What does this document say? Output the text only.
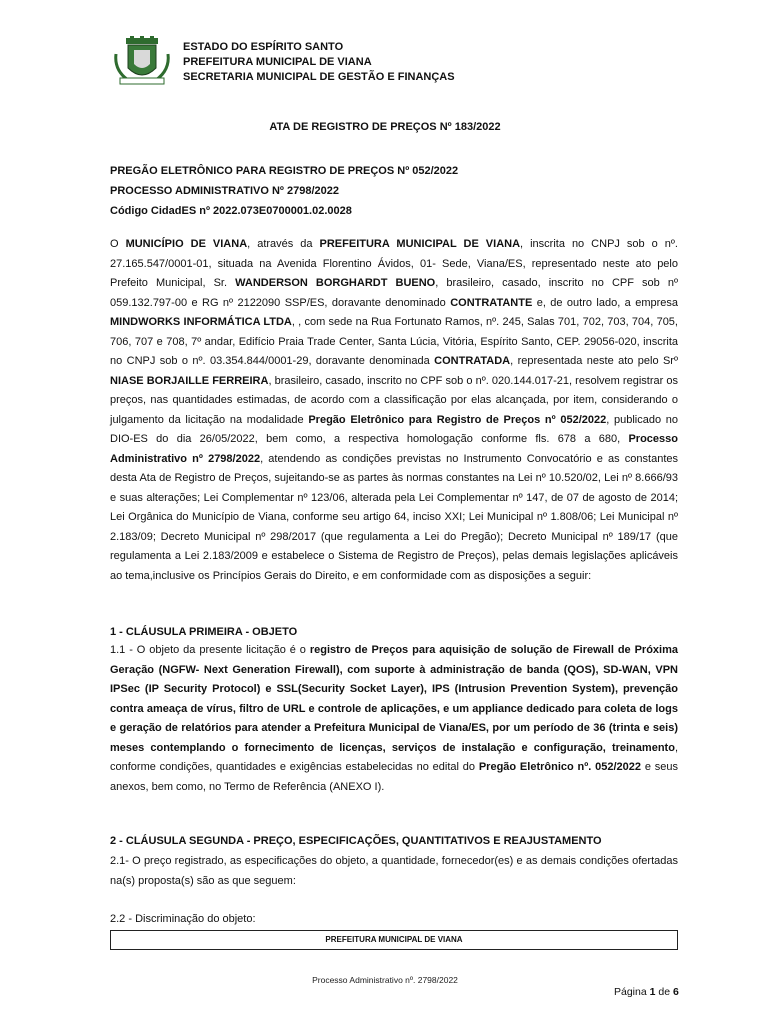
ESTADO DO ESPÍRITO SANTO
PREFEITURA MUNICIPAL DE VIANA
SECRETARIA MUNICIPAL DE GESTÃO E FINANÇAS
ATA DE REGISTRO DE PREÇOS Nº 183/2022
PREGÃO ELETRÔNICO PARA REGISTRO DE PREÇOS Nº 052/2022
PROCESSO ADMINISTRATIVO Nº 2798/2022
Código CidadES nº 2022.073E0700001.02.0028
O MUNICÍPIO DE VIANA, através da PREFEITURA MUNICIPAL DE VIANA, inscrita no CNPJ sob o nº. 27.165.547/0001-01, situada na Avenida Florentino Ávidos, 01- Sede, Viana/ES, representado neste ato pelo Prefeito Municipal, Sr. WANDERSON BORGHARDT BUENO, brasileiro, casado, inscrito no CPF sob nº 059.132.797-00 e RG nº 2122090 SSP/ES, doravante denominado CONTRATANTE e, de outro lado, a empresa MINDWORKS INFORMÁTICA LTDA, , com sede na Rua Fortunato Ramos, nº. 245, Salas 701, 702, 703, 704, 705, 706, 707 e 708, 7º andar, Edifício Praia Trade Center, Santa Lúcia, Vitória, Espírito Santo, CEP. 29056-020, inscrita no CNPJ sob o nº. 03.354.844/0001-29, doravante denominada CONTRATADA, representada neste ato pelo Srº NIASE BORJAILLE FERREIRA, brasileiro, casado, inscrito no CPF sob o nº. 020.144.017-21, resolvem registrar os preços, nas quantidades estimadas, de acordo com a classificação por elas alcançada, por item, considerando o julgamento da licitação na modalidade Pregão Eletrônico para Registro de Preços nº 052/2022, publicado no DIO-ES do dia 26/05/2022, bem como, a respectiva homologação conforme fls. 678 a 680, Processo Administrativo nº 2798/2022, atendendo as condições previstas no Instrumento Convocatório e as constantes desta Ata de Registro de Preços, sujeitando-se as partes às normas constantes na Lei nº 10.520/02, Lei nº 8.666/93 e suas alterações; Lei Complementar nº 123/06, alterada pela Lei Complementar nº 147, de 07 de agosto de 2014; Lei Orgânica do Município de Viana, conforme seu artigo 64, inciso XXI; Lei Municipal nº 1.808/06; Lei Municipal nº 2.183/09; Decreto Municipal nº 298/2017 (que regulamenta a Lei do Pregão); Decreto Municipal nº 189/17 (que regulamenta a Lei 2.183/2009 e estabelece o Sistema de Registro de Preços), pelas demais legislações aplicáveis ao tema,inclusive os Princípios Gerais do Direito, e em conformidade com as disposições a seguir:
1 - CLÁUSULA PRIMEIRA - OBJETO
1.1 - O objeto da presente licitação é o registro de Preços para aquisição de solução de Firewall de Próxima Geração (NGFW- Next Generation Firewall), com suporte à administração de banda (QOS), SD-WAN, VPN IPSec (IP Security Protocol) e SSL(Security Socket Layer), IPS (Intrusion Prevention System), prevenção contra ameaça de vírus, filtro de URL e controle de aplicações, e um appliance dedicado para coleta de logs e geração de relatórios para atender a Prefeitura Municipal de Viana/ES, por um período de 36 (trinta e seis) meses contemplando o fornecimento de licenças, serviços de instalação e configuração, treinamento, conforme condições, quantidades e exigências estabelecidas no edital do Pregão Eletrônico nº. 052/2022 e seus anexos, bem como, no Termo de Referência (ANEXO I).
2 - CLÁUSULA SEGUNDA - PREÇO, ESPECIFICAÇÕES, QUANTITATIVOS E REAJUSTAMENTO
2.1- O preço registrado, as especificações do objeto, a quantidade, fornecedor(es) e as demais condições ofertadas na(s) proposta(s) são as que seguem:
2.2 - Discriminação do objeto:
PREFEITURA MUNICIPAL DE VIANA
Processo Administrativo nº. 2798/2022
Página 1 de 6
